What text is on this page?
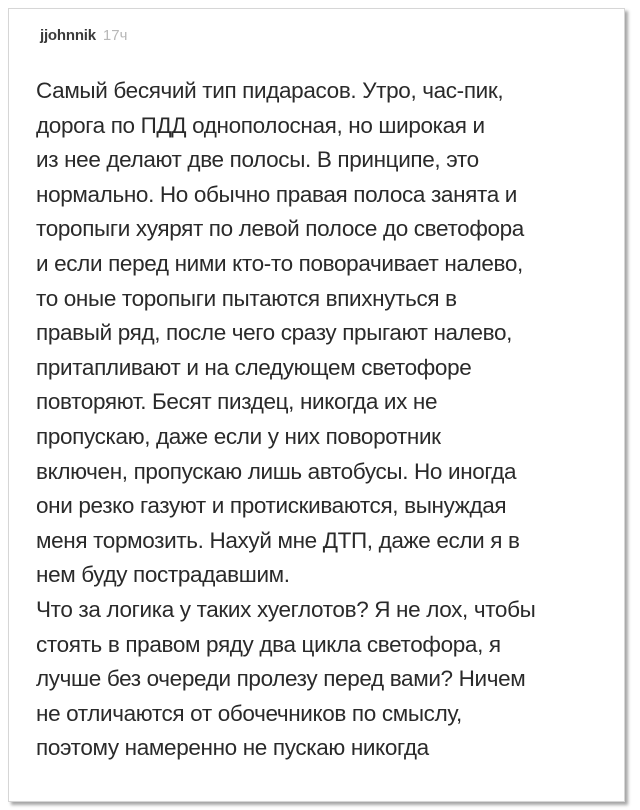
jjohnnik 17ч
Самый бесячий тип пидарасов. Утро, час-пик,
дорога по ПДД однополосная, но широкая и
из нее делают две полосы. В принципе, это
нормально. Но обычно правая полоса занята и
торопыги хуярят по левой полосе до светофора
и если перед ними кто-то поворачивает налево,
то оные торопыги пытаются впихнуться в
правый ряд, после чего сразу прыгают налево,
притапливают и на следующем светофоре
повторяют. Бесят пиздец, никогда их не
пропускаю, даже если у них поворотник
включен, пропускаю лишь автобусы. Но иногда
они резко газуют и протискиваются, вынуждая
меня тормозить. Нахуй мне ДТП, даже если я в
нем буду пострадавшим.
Что за логика у таких хуеглотов? Я не лох, чтобы
стоять в правом ряду два цикла светофора, я
лучше без очереди пролезу перед вами? Ничем
не отличаются от обочечников по смыслу,
поэтому намеренно не пускаю никогда
